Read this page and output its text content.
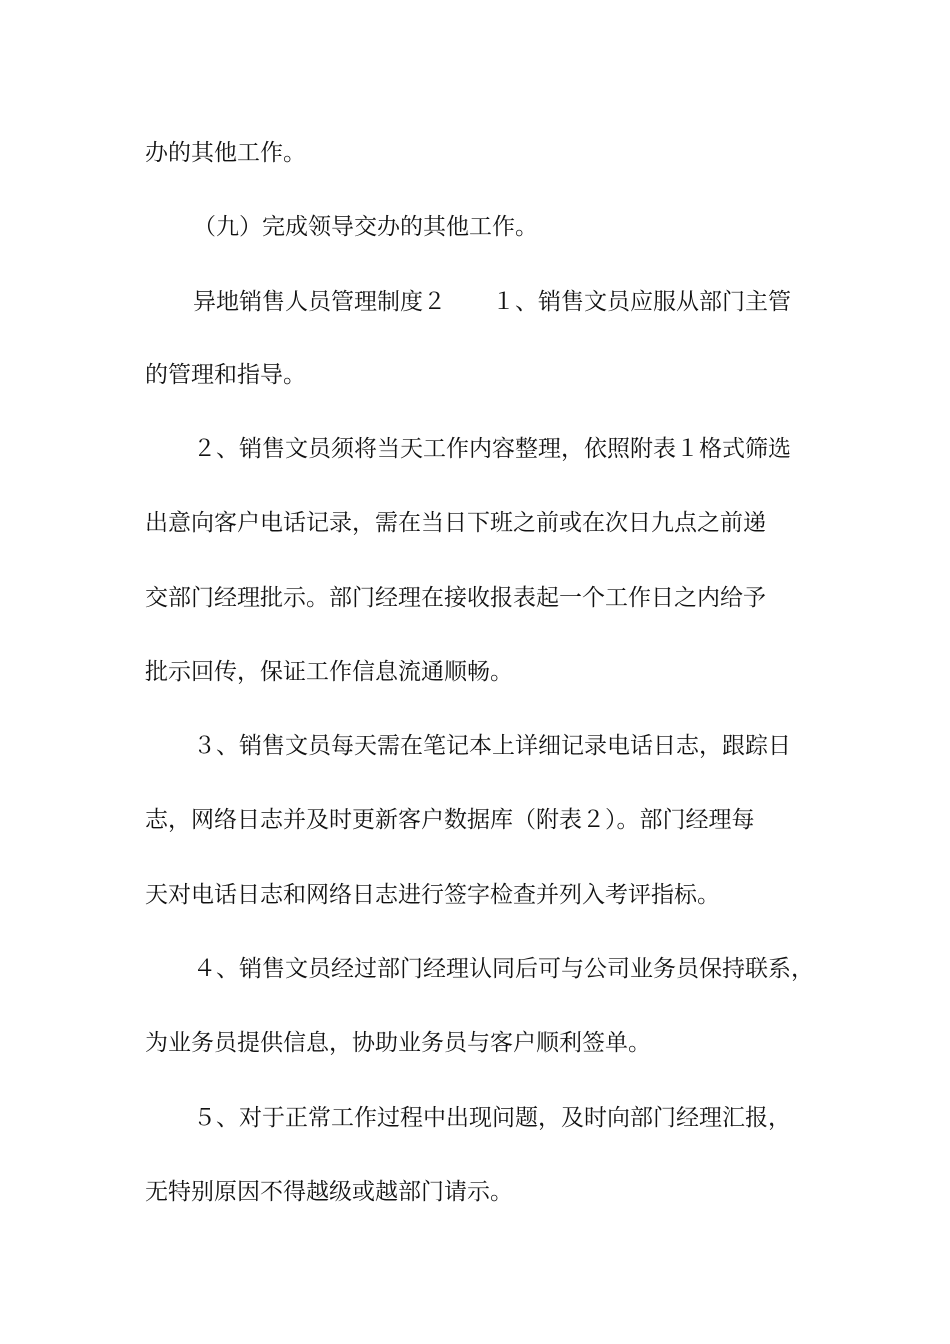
办的其他工作。
（九）完成领导交办的其他工作。
异地销售人员管理制度２ １、销售文员应服从部门主管
的管理和指导。
２、销售文员须将当天工作内容整理，依照附表１格式筛选
出意向客户电话记录，需在当日下班之前或在次日九点之前递
交部门经理批示。部门经理在接收报表起一个工作日之内给予
批示回传，保证工作信息流通顺畅。
３、销售文员每天需在笔记本上详细记录电话日志，跟踪日
志，网络日志并及时更新客户数据库（附表２）。部门经理每
天对电话日志和网络日志进行签字检查并列入考评指标。
４、销售文员经过部门经理认同后可与公司业务员保持联系，
为业务员提供信息，协助业务员与客户顺利签单。
５、对于正常工作过程中出现问题，及时向部门经理汇报，
无特别原因不得越级或越部门请示。
